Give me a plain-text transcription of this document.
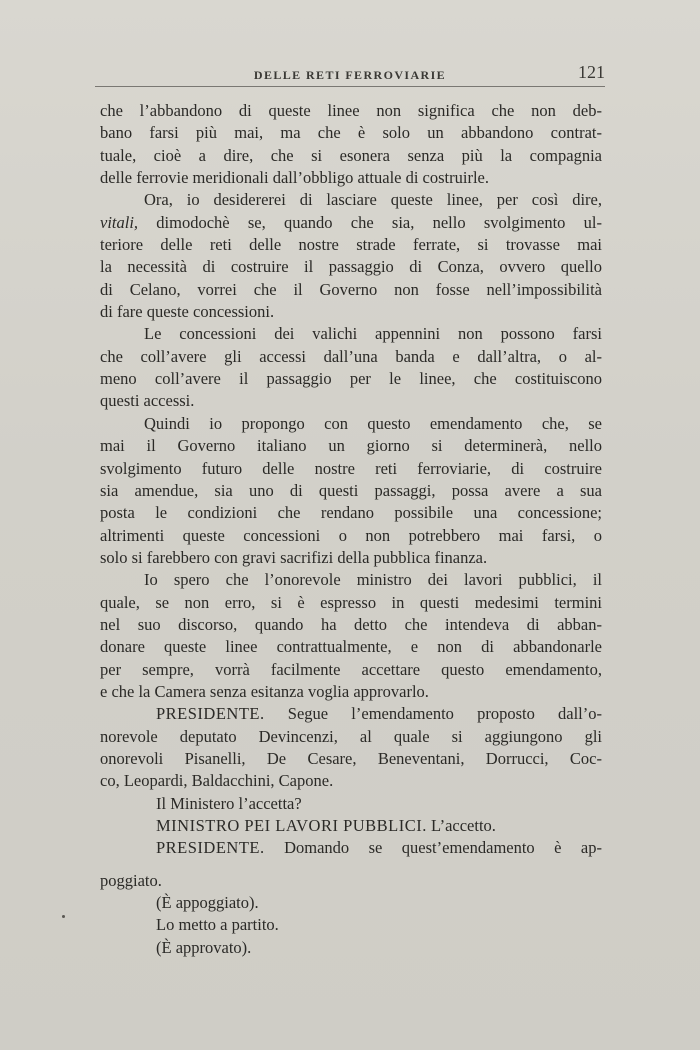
DELLE RETI FERROVIARIE	121
che l’abbandono di queste linee non significa che non deb-
bano farsi più mai, ma che è solo un abbandono contrat-
tuale, cioè a dire, che si esonera senza più la compagnia
delle ferrovie meridionali dall’obbligo attuale di costruirle.
Ora, io desidererei di lasciare queste linee, per così dire,
vitali, dimodochè se, quando che sia, nello svolgimento ul-
teriore delle reti delle nostre strade ferrate, si trovasse mai
la necessità di costruire il passaggio di Conza, ovvero quello
di Celano, vorrei che il Governo non fosse nell’impossibilità
di fare queste concessioni.
Le concessioni dei valichi appennini non possono farsi
che coll’avere gli accessi dall’una banda e dall’altra, o al-
meno coll’avere il passaggio per le linee, che costituiscono
questi accessi.
Quindi io propongo con questo emendamento che, se
mai il Governo italiano un giorno si determinerà, nello
svolgimento futuro delle nostre reti ferroviarie, di costruire
sia amendue, sia uno di questi passaggi, possa avere a sua
posta le condizioni che rendano possibile una concessione;
altrimenti queste concessioni o non potrebbero mai farsi, o
solo si farebbero con gravi sacrifizi della pubblica finanza.
Io spero che l’onorevole ministro dei lavori pubblici, il
quale, se non erro, si è espresso in questi medesimi termini
nel suo discorso, quando ha detto che intendeva di abban-
donare queste linee contrattualmente, e non di abbandonarle
per sempre, vorrà facilmente accettare questo emendamento,
e che la Camera senza esitanza voglia approvarlo.
PRESIDENTE. Segue l’emendamento proposto dall’o-
norevole deputato Devincenzi, al quale si aggiungono gli
onorevoli Pisanelli, De Cesare, Beneventani, Dorrucci, Coc-
co, Leopardi, Baldacchini, Capone.
Il Ministero l’accetta?
MINISTRO PEI LAVORI PUBBLICI. L’accetto.
PRESIDENTE. Domando se quest’emendamento è ap-
poggiato.
(È appoggiato).
Lo metto a partito.
(È approvato).
